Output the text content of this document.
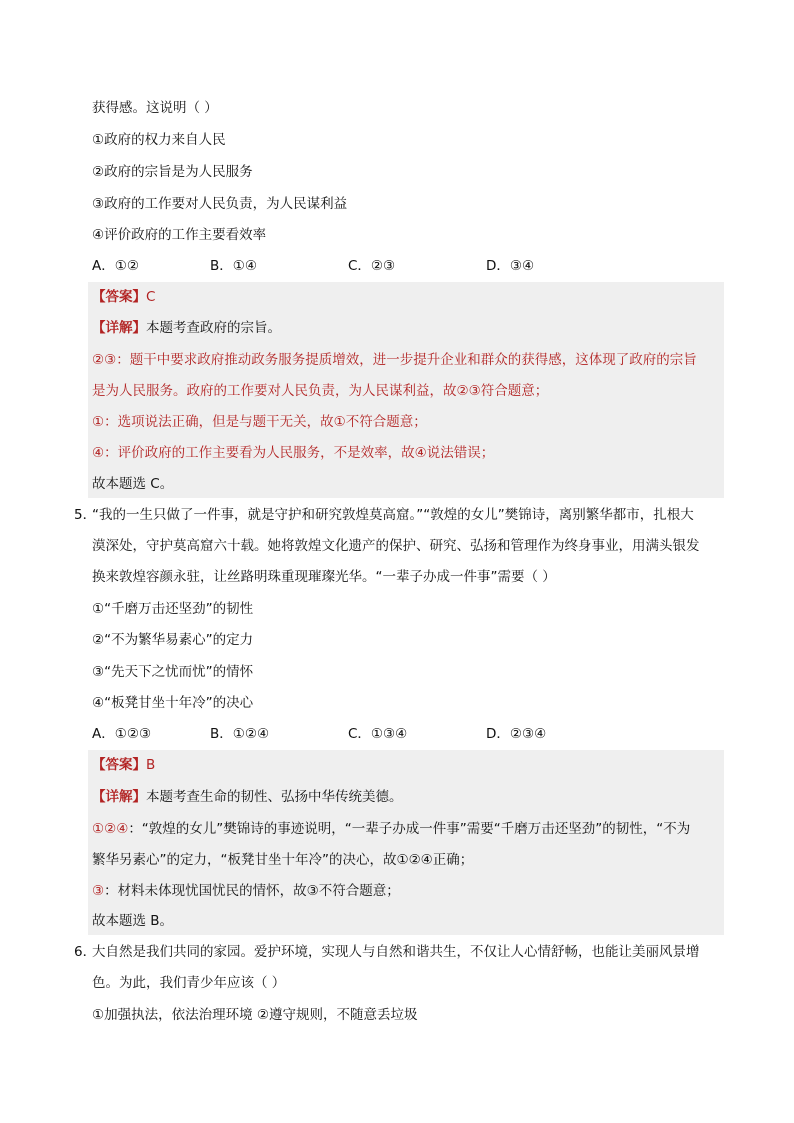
获得感。这说明（ ）
①政府的权力来自人民
②政府的宗旨是为人民服务
③政府的工作要对人民负责，为人民谋利益
④评价政府的工作主要看效率
A．①②	B．①④	C．②③	D．③④
【答案】C
【详解】本题考查政府的宗旨。
②③：题干中要求政府推动政务服务提质增效，进一步提升企业和群众的获得感，这体现了政府的宗旨
是为人民服务。政府的工作要对人民负责，为人民谋利益，故②③符合题意；
①：选项说法正确，但是与题干无关，故①不符合题意；
④：评价政府的工作主要看为人民服务，不是效率，故④说法错误；
故本题选 C。
5．
“我的一生只做了一件事，就是守护和研究敦煌莫高窟。”“敦煌的女儿”樊锦诗，离别繁华都市，扎根大
漠深处，守护莫高窟六十载。她将敦煌文化遗产的保护、研究、弘扬和管理作为终身事业，用满头银发
换来敦煌容颜永驻，让丝路明珠重现璀璨光华。“一辈子办成一件事”需要（ ）
①“千磨万击还坚劲”的韧性
②“不为繁华易素心”的定力
③“先天下之忧而忧”的情怀
④“板凳甘坐十年冷”的决心
A．①②③	B．①②④	C．①③④	D．②③④
【答案】B
【详解】本题考查生命的韧性、弘扬中华传统美德。
①②④：“敦煌的女儿”樊锦诗的事迹说明，“一辈子办成一件事”需要“千磨万击还坚劲”的韧性，“不为
繁华另素心”的定力，“板凳甘坐十年冷”的决心，故①②④正确；
③：材料未体现忧国忧民的情怀，故③不符合题意；
故本题选 B。
6．
大自然是我们共同的家园。爱护环境，实现人与自然和谐共生，不仅让人心情舒畅，也能让美丽风景增
色。为此，我们青少年应该（ ）
①加强执法，依法治理环境 ②遵守规则，不随意丢垃圾
